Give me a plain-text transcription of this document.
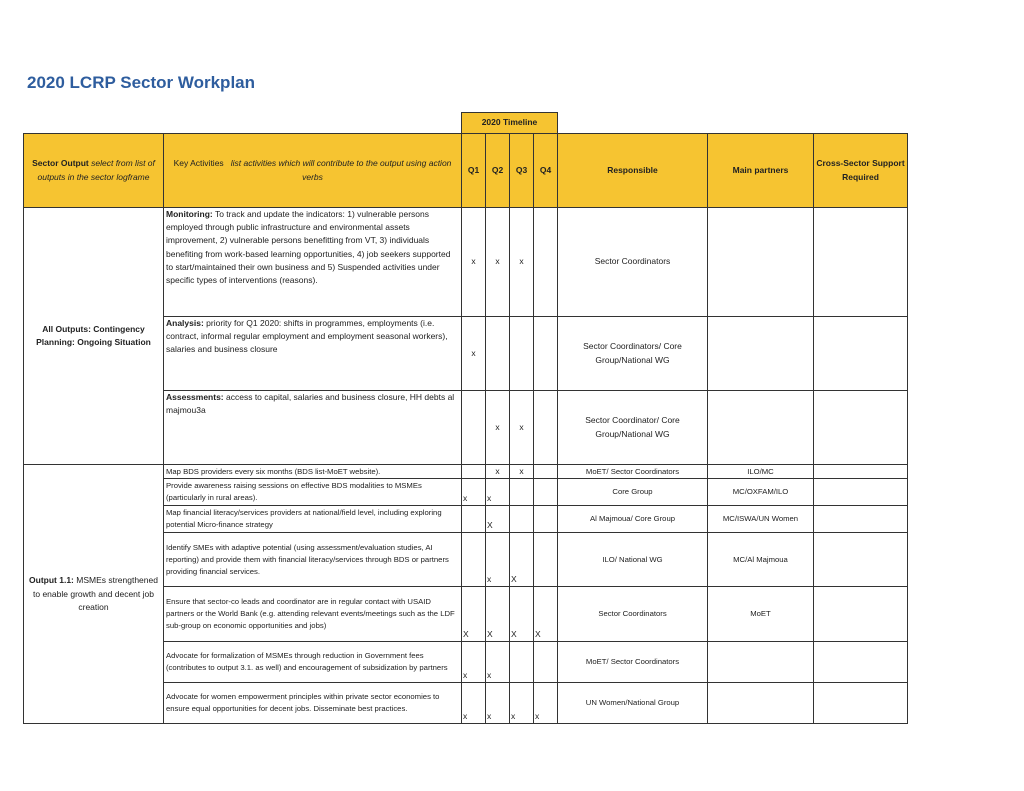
2020 LCRP Sector Workplan
		2020 Timeline						
Sector Output select from list of outputs in the sector logframe	Key Activities list activities which will contribute to the output using action verbs	Q1	Q2	Q3	Q4	Responsible	Main partners	Cross-Sector Support Required
All Outputs: Contingency Planning: Ongoing Situation	Monitoring: To track and update the indicators: 1) vulnerable persons employed through public infrastructure and environmental assets improvement, 2) vulnerable persons benefitting from VT, 3) individuals benefiting from work-based learning opportunities, 4) job seekers supported to start/maintained their own business and 5) Suspended activities under specific types of interventions (reasons).	x	x	x		Sector Coordinators		
	Analysis: priority for Q1 2020: shifts in programmes, employments (i.e. contract, informal regular employment and employment seasonal workers), salaries and business closure	x				Sector Coordinators/ Core Group/National WG		
	Assessments: access to capital, salaries and business closure, HH debts al majmou3a		x	x		Sector Coordinator/ Core Group/National WG		
Output 1.1: MSMEs strengthened to enable growth and decent job creation	Map BDS providers every six months (BDS list-MoET website).		x	x		MoET/ Sector Coordinators	ILO/MC	
	Provide awareness raising sessions on effective BDS modalities to MSMEs (particularly in rural areas).	x	x			Core Group	MC/OXFAM/ILO	
	Map financial literacy/services providers at national/field level, including exploring potential Micro-finance strategy		X			Al Majmoua/ Core Group	MC/ISWA/UN Women	
	Identify SMEs with adaptive potential (using assessment/evaluation studies, AI reporting) and provide them with financial literacy/services through BDS or partners providing financial services.		x	X		ILO/ National WG	MC/Al Majmoua	
	Ensure that sector-co leads and coordinator are in regular contact with USAID partners or the World Bank (e.g. attending relevant events/meetings such as the LDF sub-group on economic opportunities and jobs)	X	X	X	X	Sector Coordinators	MoET	
	Advocate for formalization of MSMEs through reduction in Government fees (contributes to output 3.1. as well) and encouragement of subsidization by partners	x	x			MoET/ Sector Coordinators		
	Advocate for women empowerment principles within private sector economies to ensure equal opportunities for decent jobs. Disseminate best practices.	x	x	x	x	UN Women/National Group		
